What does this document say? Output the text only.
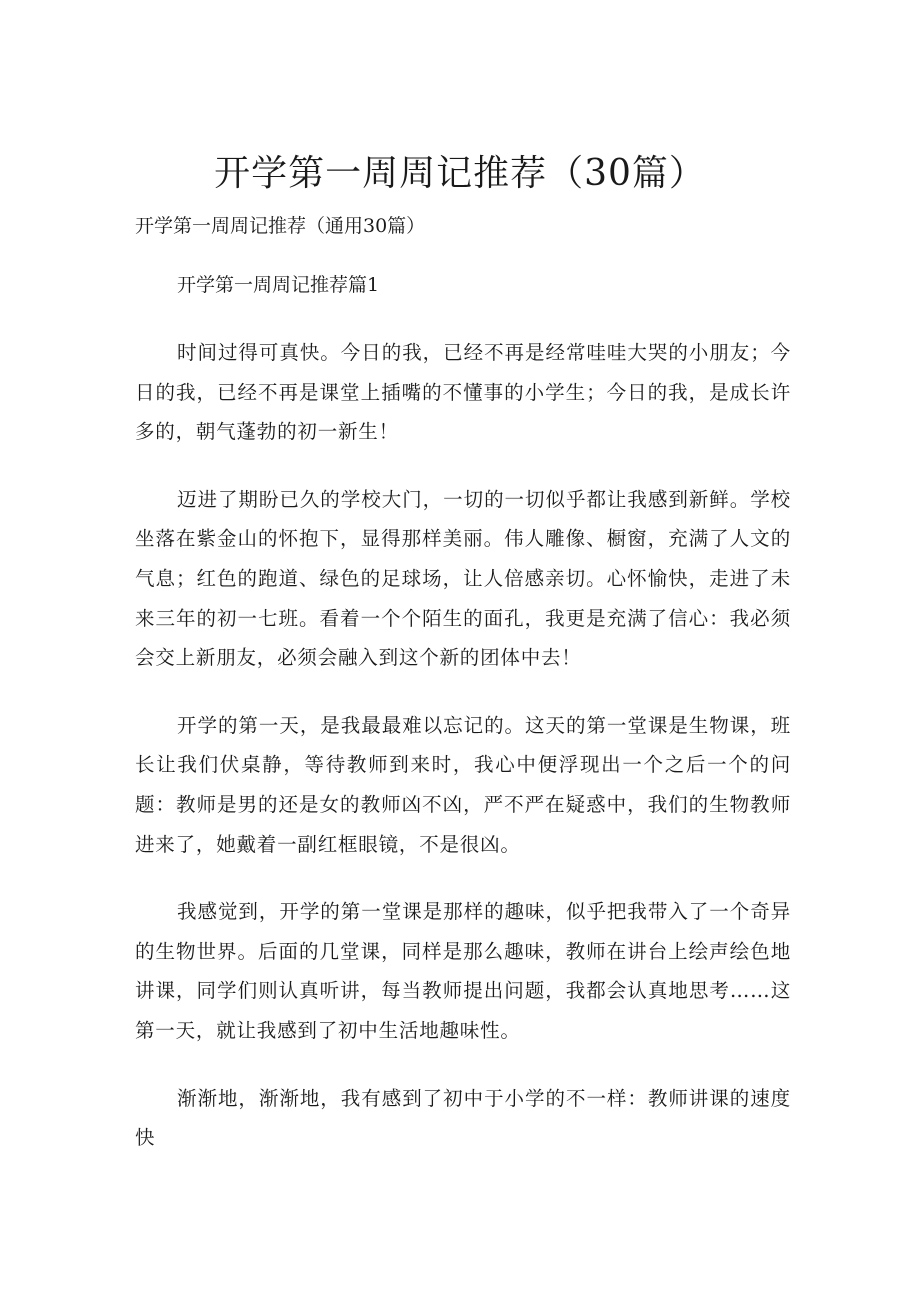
开学第一周周记推荐（30篇）
开学第一周周记推荐（通用30篇）
开学第一周周记推荐篇1

时间过得可真快。今日的我，已经不再是经常哇哇大哭的小朋友；今日的我，已经不再是课堂上插嘴的不懂事的小学生；今日的我，是成长许多的，朝气蓬勃的初一新生！

迈进了期盼已久的学校大门，一切的一切似乎都让我感到新鲜。学校坐落在紫金山的怀抱下，显得那样美丽。伟人雕像、橱窗，充满了人文的气息；红色的跑道、绿色的足球场，让人倍感亲切。心怀愉快，走进了未来三年的初一七班。看着一个个陌生的面孔，我更是充满了信心：我必须会交上新朋友，必须会融入到这个新的团体中去！

开学的第一天，是我最最难以忘记的。这天的第一堂课是生物课，班长让我们伏桌静，等待教师到来时，我心中便浮现出一个之后一个的问题：教师是男的还是女的教师凶不凶，严不严在疑惑中，我们的生物教师进来了，她戴着一副红框眼镜，不是很凶。

我感觉到，开学的第一堂课是那样的趣味，似乎把我带入了一个奇异的生物世界。后面的几堂课，同样是那么趣味，教师在讲台上绘声绘色地讲课，同学们则认真听讲，每当教师提出问题，我都会认真地思考……这第一天，就让我感到了初中生活地趣味性。

渐渐地，渐渐地，我有感到了初中于小学的不一样：教师讲课的速度快
